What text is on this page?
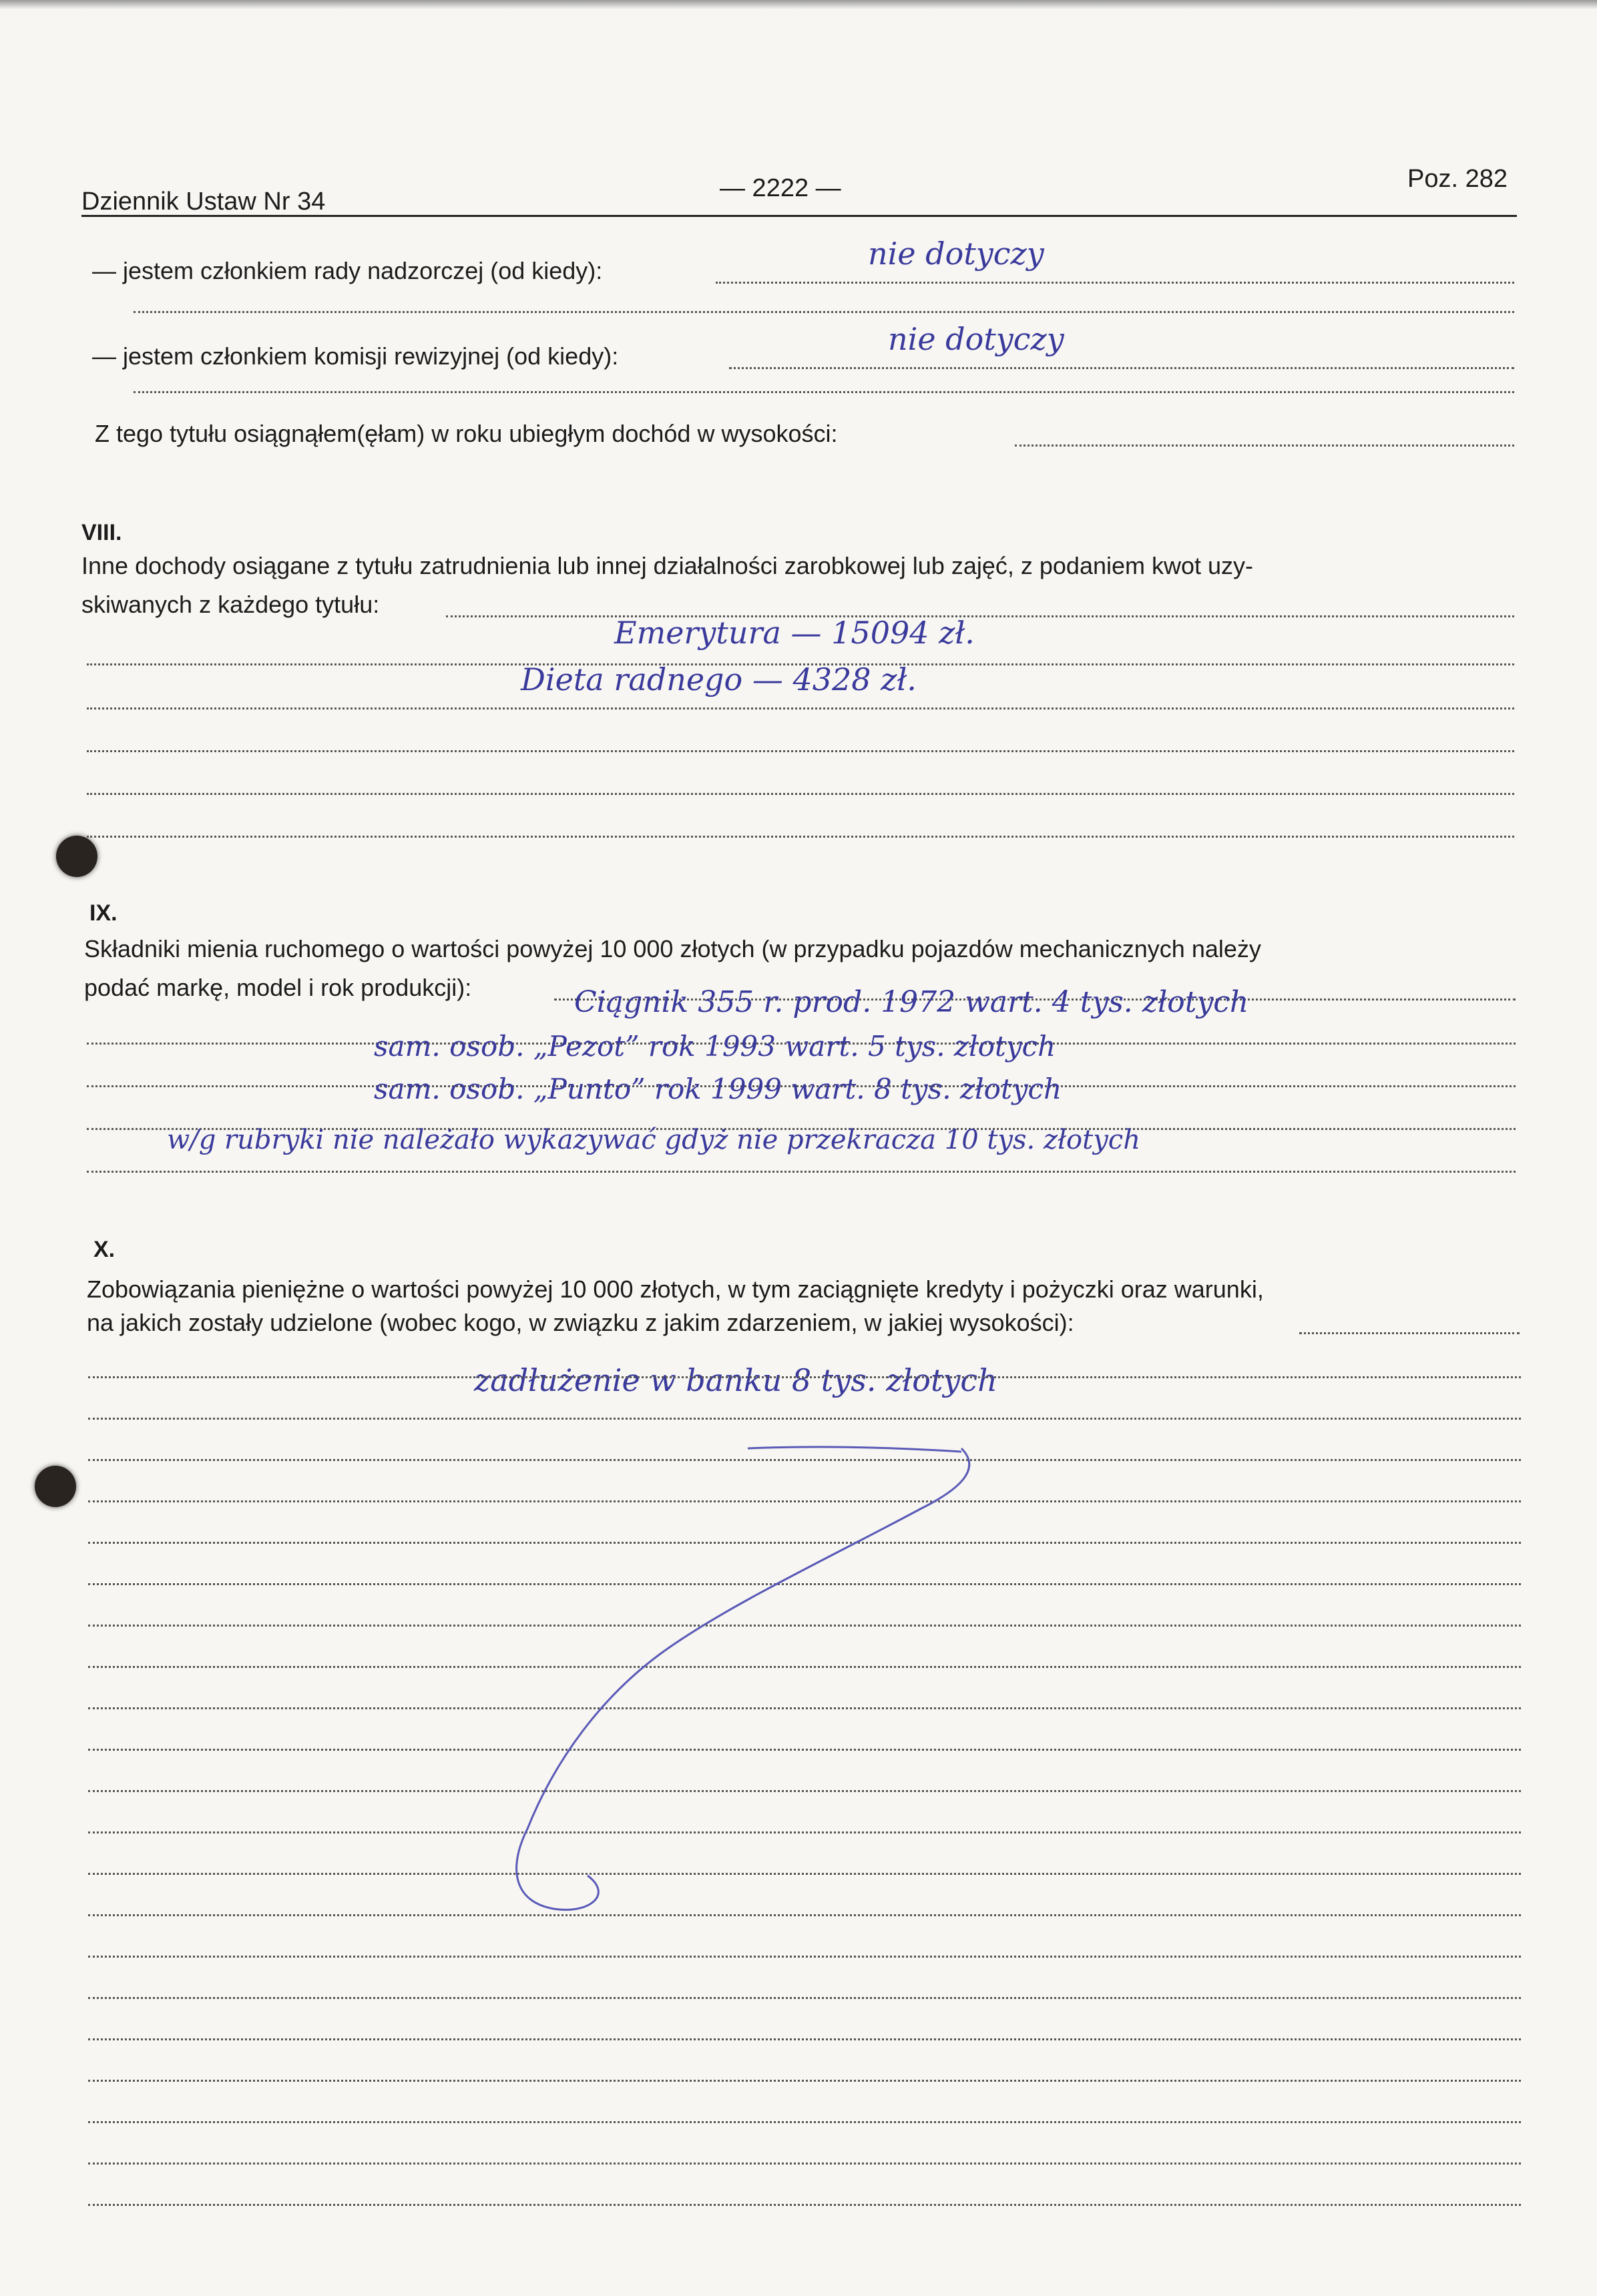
Dziennik Ustaw Nr 34	— 2222 —	Poz. 282
— jestem członkiem rady nadzorczej (od kiedy):	nie dotyczy
— jestem członkiem komisji rewizyjnej (od kiedy):	nie dotyczy
Z tego tytułu osiągnąłem(ęłam) w roku ubiegłym dochód w wysokości:
VIII.
Inne dochody osiągane z tytułu zatrudnienia lub innej działalności zarobkowej lub zajęć, z podaniem kwot uzy-
skiwanych z każdego tytułu:
Emerytura — 15094 zł.
Dieta radnego — 4328 zł.
IX.
Składniki mienia ruchomego o wartości powyżej 10 000 złotych (w przypadku pojazdów mechanicznych należy
podać markę, model i rok produkcji):	Ciągnik 355 r. prod. 1972 wart. 4 tys. złotych
sam. osob. „Pezot” rok 1993 wart. 5 tys. złotych
sam. osob. „Punto” rok 1999 wart. 8 tys. złotych
w/g rubryki nie należało wykazywać gdyż nie przekracza 10 tys. złotych
X.
Zobowiązania pieniężne o wartości powyżej 10 000 złotych, w tym zaciągnięte kredyty i pożyczki oraz warunki,
na jakich zostały udzielone (wobec kogo, w związku z jakim zdarzeniem, w jakiej wysokości):
zadłużenie w banku 8 tys. złotych
